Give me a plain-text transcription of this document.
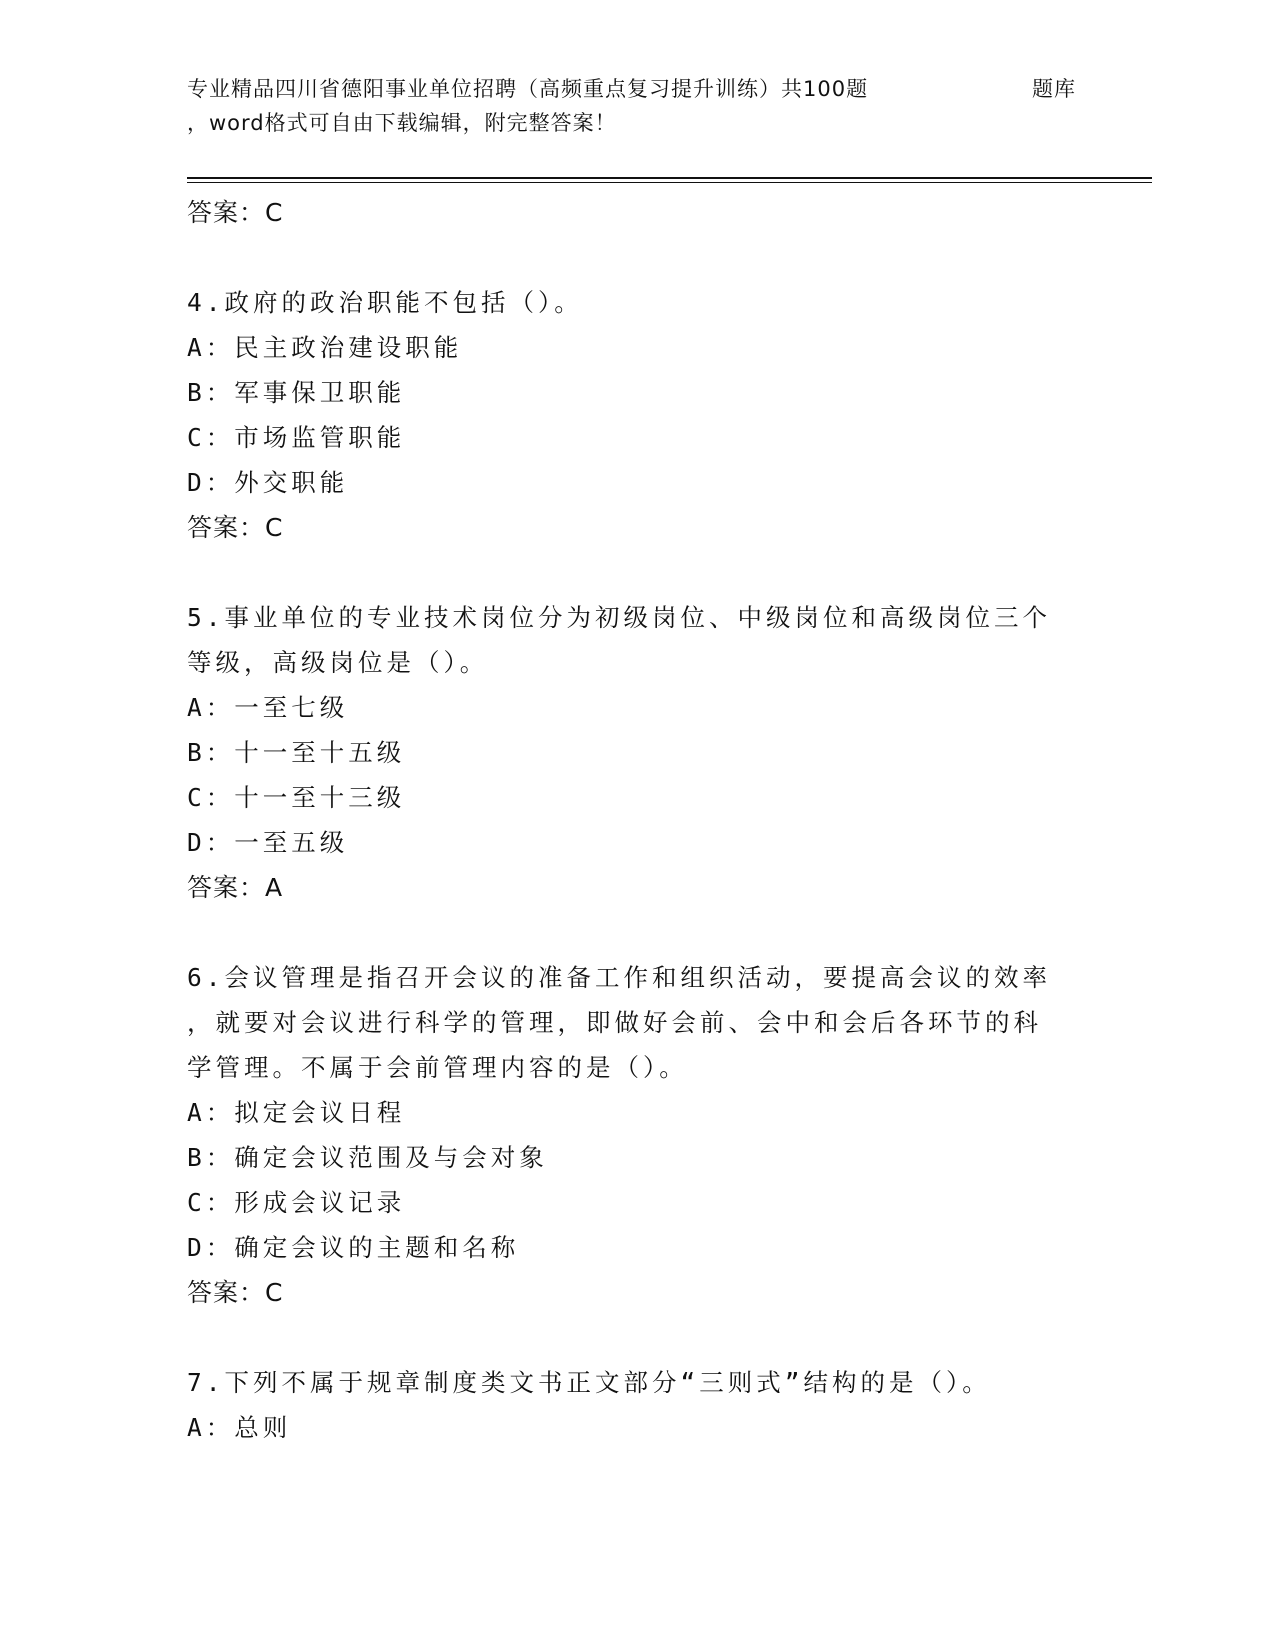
专业精品四川省德阳事业单位招聘（高频重点复习提升训练）共100题	题库
，word格式可自由下载编辑，附完整答案！
答案：C
4.政府的政治职能不包括（）。
A：民主政治建设职能
B：军事保卫职能
C：市场监管职能
D：外交职能
答案：C
5.事业单位的专业技术岗位分为初级岗位、中级岗位和高级岗位三个
等级，高级岗位是（）。
A：一至七级
B：十一至十五级
C：十一至十三级
D：一至五级
答案：A
6.会议管理是指召开会议的准备工作和组织活动，要提高会议的效率
，就要对会议进行科学的管理，即做好会前、会中和会后各环节的科
学管理。不属于会前管理内容的是（）。
A：拟定会议日程
B：确定会议范围及与会对象
C：形成会议记录
D：确定会议的主题和名称
答案：C
7.下列不属于规章制度类文书正文部分“三则式”结构的是（）。
A：总则
